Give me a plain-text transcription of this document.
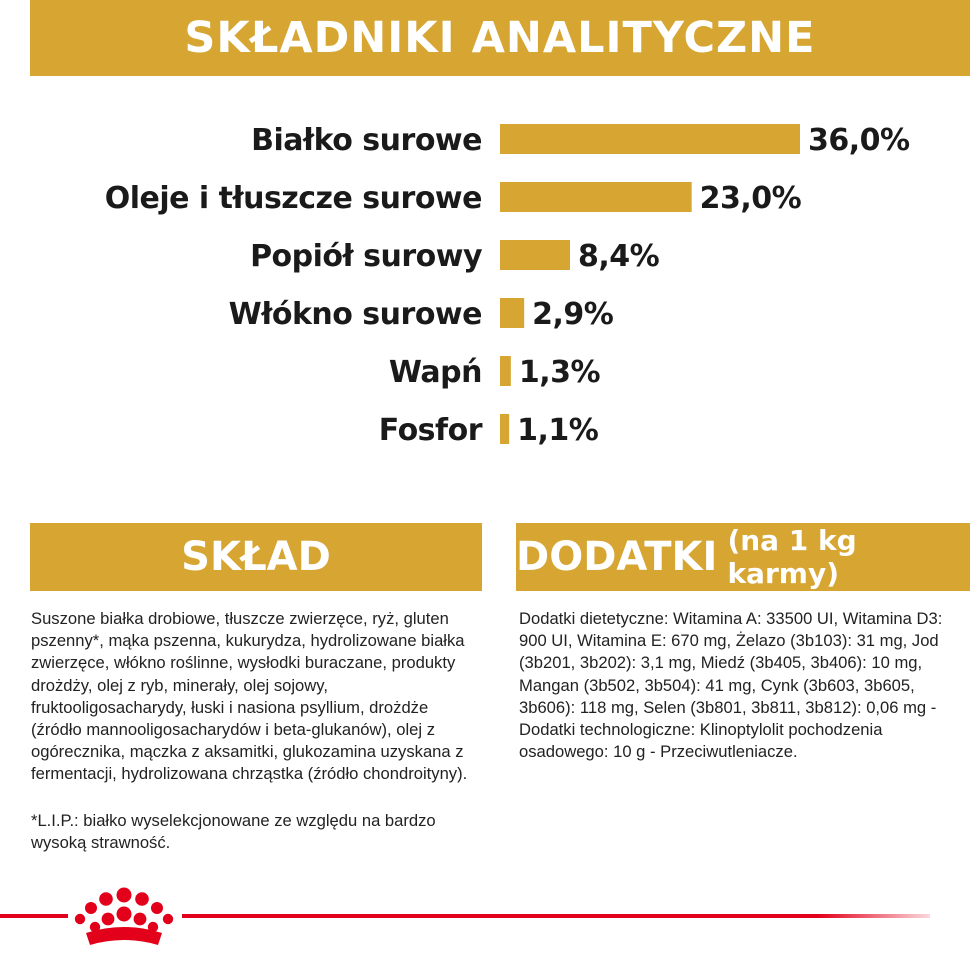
SKŁADNIKI ANALITYCZNE
Białko surowe	36,0%
Oleje i tłuszcze surowe	23,0%
Popiół surowy	8,4%
Włókno surowe 2,9%
Wapń 1,3%
Fosfor 1,1%
SKŁAD
Suszone białka drobiowe, tłuszcze zwierzęce, ryż, gluten pszenny*, mąka pszenna, kukurydza, hydrolizowane białka zwierzęce, włókno roślinne, wysłodki buraczane, produkty drożdży, olej z ryb, minerały, olej sojowy, fruktooligosacharydy, łuski i nasiona psyllium, drożdże (źródło mannooligosacharydów i beta-glukanów), olej z ogórecznika, mączka z aksamitki, glukozamina uzyskana z fermentacji, hydrolizowana chrząstka (źródło chondroityny).
*L.I.P.: białko wyselekcjonowane ze względu na bardzo wysoką strawność.
DODATKI (na 1 kg karmy)
Dodatki dietetyczne: Witamina A: 33500 UI, Witamina D3: 900 UI, Witamina E: 670 mg, Żelazo (3b103): 31 mg, Jod (3b201, 3b202): 3,1 mg, Miedź (3b405, 3b406): 10 mg, Mangan (3b502, 3b504): 41 mg, Cynk (3b603, 3b605, 3b606): 118 mg, Selen (3b801, 3b811, 3b812): 0,06 mg - Dodatki technologiczne: Klinoptylolit pochodzenia osadowego: 10 g - Przeciwutleniacze.
